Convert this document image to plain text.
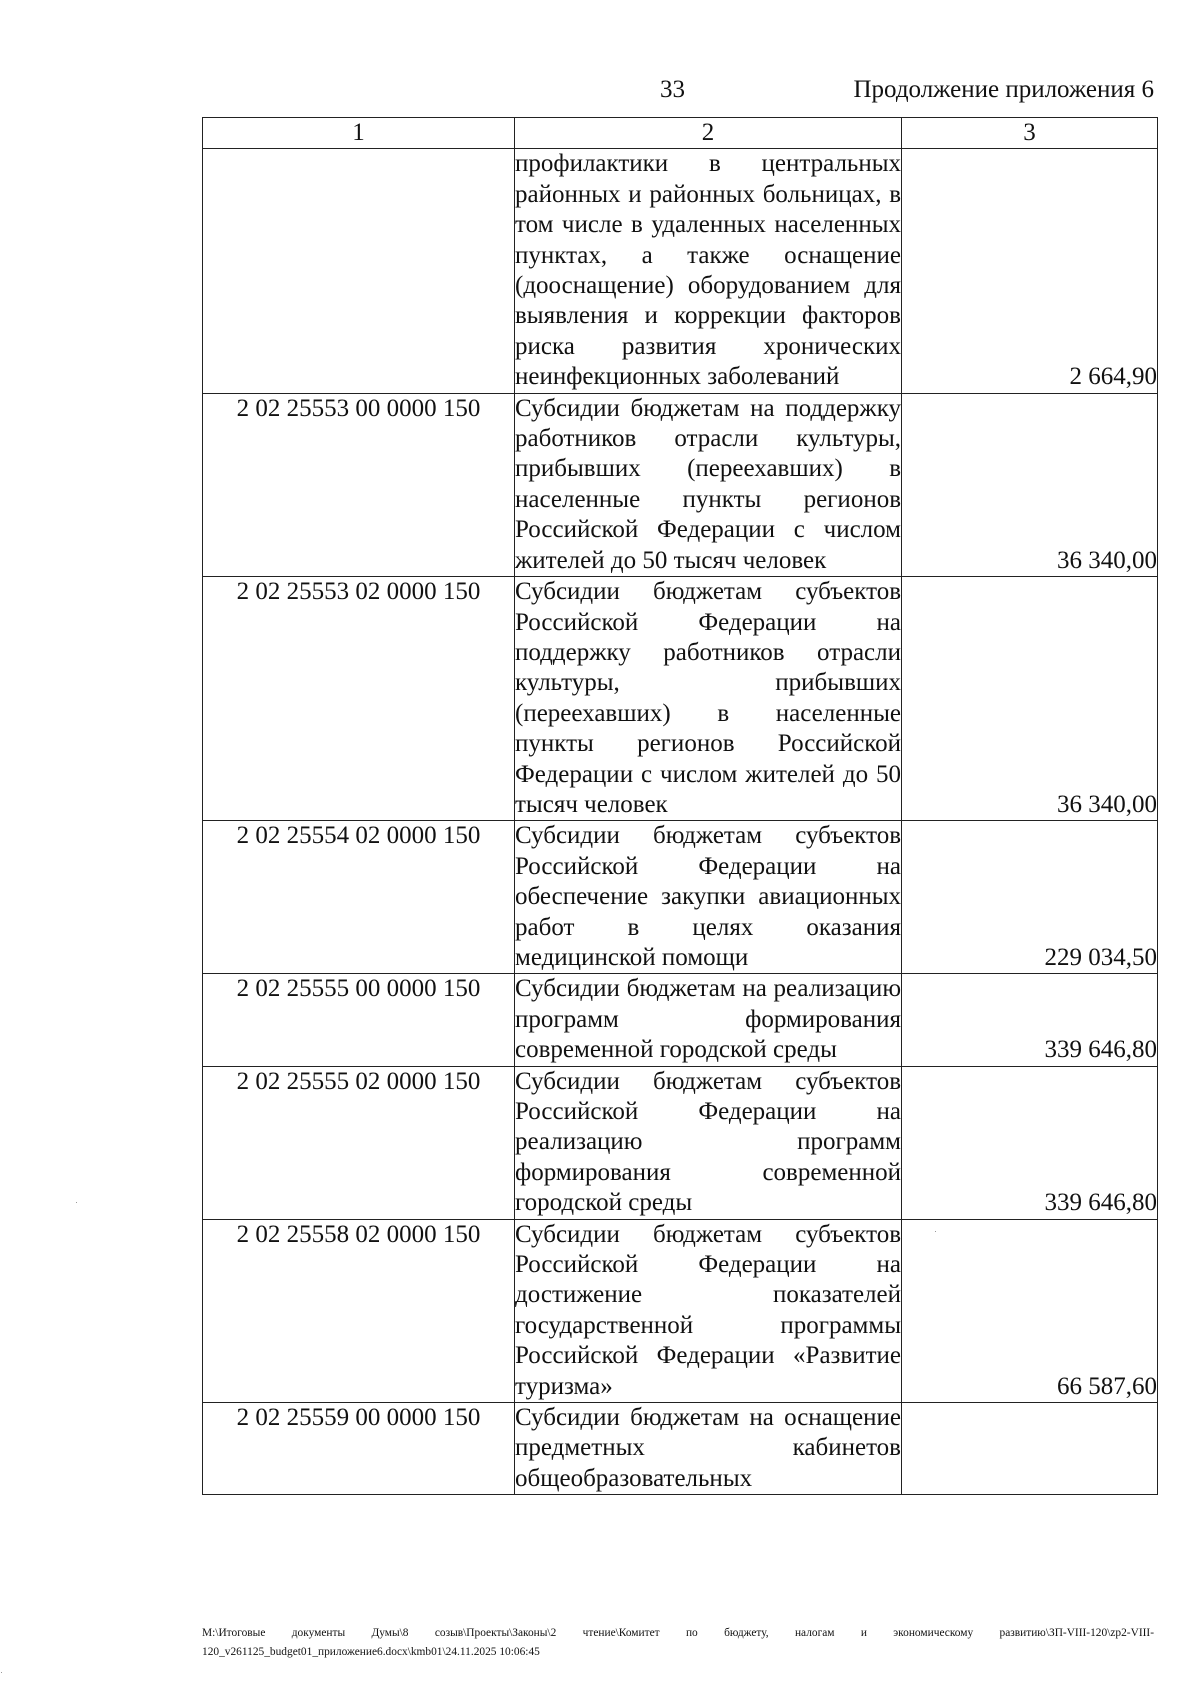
33	Продолжение приложения 6
1	2	3
	профилактики в центральных районных и районных больницах, в том числе в удаленных населенных пунктах, а также оснащение (дооснащение) оборудованием для выявления и коррекции факторов риска развития хронических неинфекционных заболеваний	2 664,90
2 02 25553 00 0000 150	Субсидии бюджетам на поддержку работников отрасли культуры, прибывших (переехавших) в населенные пункты регионов Российской Федерации с числом жителей до 50 тысяч человек	36 340,00
2 02 25553 02 0000 150	Субсидии бюджетам субъектов Российской Федерации на поддержку работников отрасли культуры, прибывших (переехавших) в населенные пункты регионов Российской Федерации с числом жителей до 50 тысяч человек	36 340,00
2 02 25554 02 0000 150	Субсидии бюджетам субъектов Российской Федерации на обеспечение закупки авиационных работ в целях оказания медицинской помощи	229 034,50
2 02 25555 00 0000 150	Субсидии бюджетам на реализацию программ формирования современной городской среды	339 646,80
2 02 25555 02 0000 150	Субсидии бюджетам субъектов Российской Федерации на реализацию программ формирования современной городской среды	339 646,80
2 02 25558 02 0000 150	Субсидии бюджетам субъектов Российской Федерации на достижение показателей государственной программы Российской Федерации «Развитие туризма»	66 587,60
2 02 25559 00 0000 150	Субсидии бюджетам на оснащение предметных кабинетов общеобразовательных	
M:\Итоговые документы Думы\8 созыв\Проекты\Законы\2 чтение\Комитет по бюджету, налогам и экономическому развитию\ЗП-VIII-120\zp2-VIII-120_v261125_budget01_приложение6.docx\kmb01\24.11.2025 10:06:45
